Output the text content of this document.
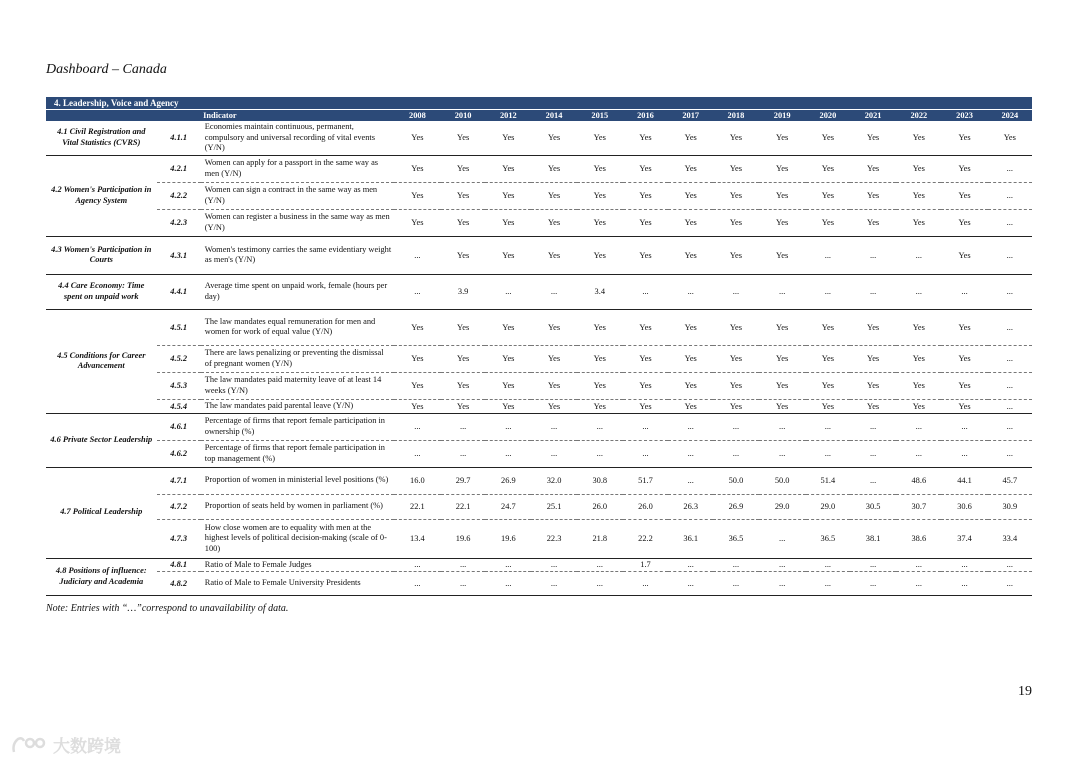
Dashboard – Canada
4. Leadership, Voice and Agency
Indicator			2008	2010	2012	2014	2015	2016	2017	2018	2019	2020	2021	2022	2023	2024
4.1 Civil Registration and Vital Statistics (CVRS)	4.1.1	Economies maintain continuous, permanent, compulsory and universal recording of vital events (Y/N)	Yes	Yes	Yes	Yes	Yes	Yes	Yes	Yes	Yes	Yes	Yes	Yes	Yes	Yes
4.2 Women's Participation in Agency System	4.2.1	Women can apply for a passport in the same way as men (Y/N)	Yes	Yes	Yes	Yes	Yes	Yes	Yes	Yes	Yes	Yes	Yes	Yes	Yes	...
	4.2.2	Women can sign a contract in the same way as men (Y/N)	Yes	Yes	Yes	Yes	Yes	Yes	Yes	Yes	Yes	Yes	Yes	Yes	Yes	...
	4.2.3	Women can register a business in the same way as men (Y/N)	Yes	Yes	Yes	Yes	Yes	Yes	Yes	Yes	Yes	Yes	Yes	Yes	Yes	...
4.3 Women's Participation in Courts	4.3.1	Women's testimony carries the same evidentiary weight as men's (Y/N)	...	Yes	Yes	Yes	Yes	Yes	Yes	Yes	Yes	...	...	...	Yes	...
4.4 Care Economy: Time spent on unpaid work	4.4.1	Average time spent on unpaid work, female (hours per day)	...	3.9	...	...	3.4	...	...	...	...	...	...	...	...	...
4.5 Conditions for Career Advancement	4.5.1	The law mandates equal remuneration for men and women for work of equal value (Y/N)	Yes	Yes	Yes	Yes	Yes	Yes	Yes	Yes	Yes	Yes	Yes	Yes	Yes	...
	4.5.2	There are laws penalizing or preventing the dismissal of pregnant women (Y/N)	Yes	Yes	Yes	Yes	Yes	Yes	Yes	Yes	Yes	Yes	Yes	Yes	Yes	...
	4.5.3	The law mandates paid maternity leave of at least 14 weeks (Y/N)	Yes	Yes	Yes	Yes	Yes	Yes	Yes	Yes	Yes	Yes	Yes	Yes	Yes	...
	4.5.4	The law mandates paid parental leave (Y/N)	Yes	Yes	Yes	Yes	Yes	Yes	Yes	Yes	Yes	Yes	Yes	Yes	Yes	...
4.6 Private Sector Leadership	4.6.1	Percentage of firms that report female participation in ownership (%)	...	...	...	...	...	...	...	...	...	...	...	...	...	...
	4.6.2	Percentage of firms that report female participation in top management (%)	...	...	...	...	...	...	...	...	...	...	...	...	...	...
4.7 Political Leadership	4.7.1	Proportion of women in ministerial level positions (%)	16.0	29.7	26.9	32.0	30.8	51.7	...	50.0	50.0	51.4	...	48.6	44.1	45.7
	4.7.2	Proportion of seats held by women in parliament (%)	22.1	22.1	24.7	25.1	26.0	26.0	26.3	26.9	29.0	29.0	30.5	30.7	30.6	30.9
	4.7.3	How close women are to equality with men at the highest levels of political decision-making (scale of 0-100)	13.4	19.6	19.6	22.3	21.8	22.2	36.1	36.5	...	36.5	38.1	38.6	37.4	33.4
4.8 Positions of influence: Judiciary and Academia	4.8.1	Ratio of Male to Female Judges	...	...	...	...	...	1.7	...	...	...	...	...	...	...	...
	4.8.2	Ratio of Male to Female University Presidents	...	...	...	...	...	...	...	...	...	...	...	...	...	...
Note: Entries with “…”correspond to unavailability of data.
19
大数跨境
